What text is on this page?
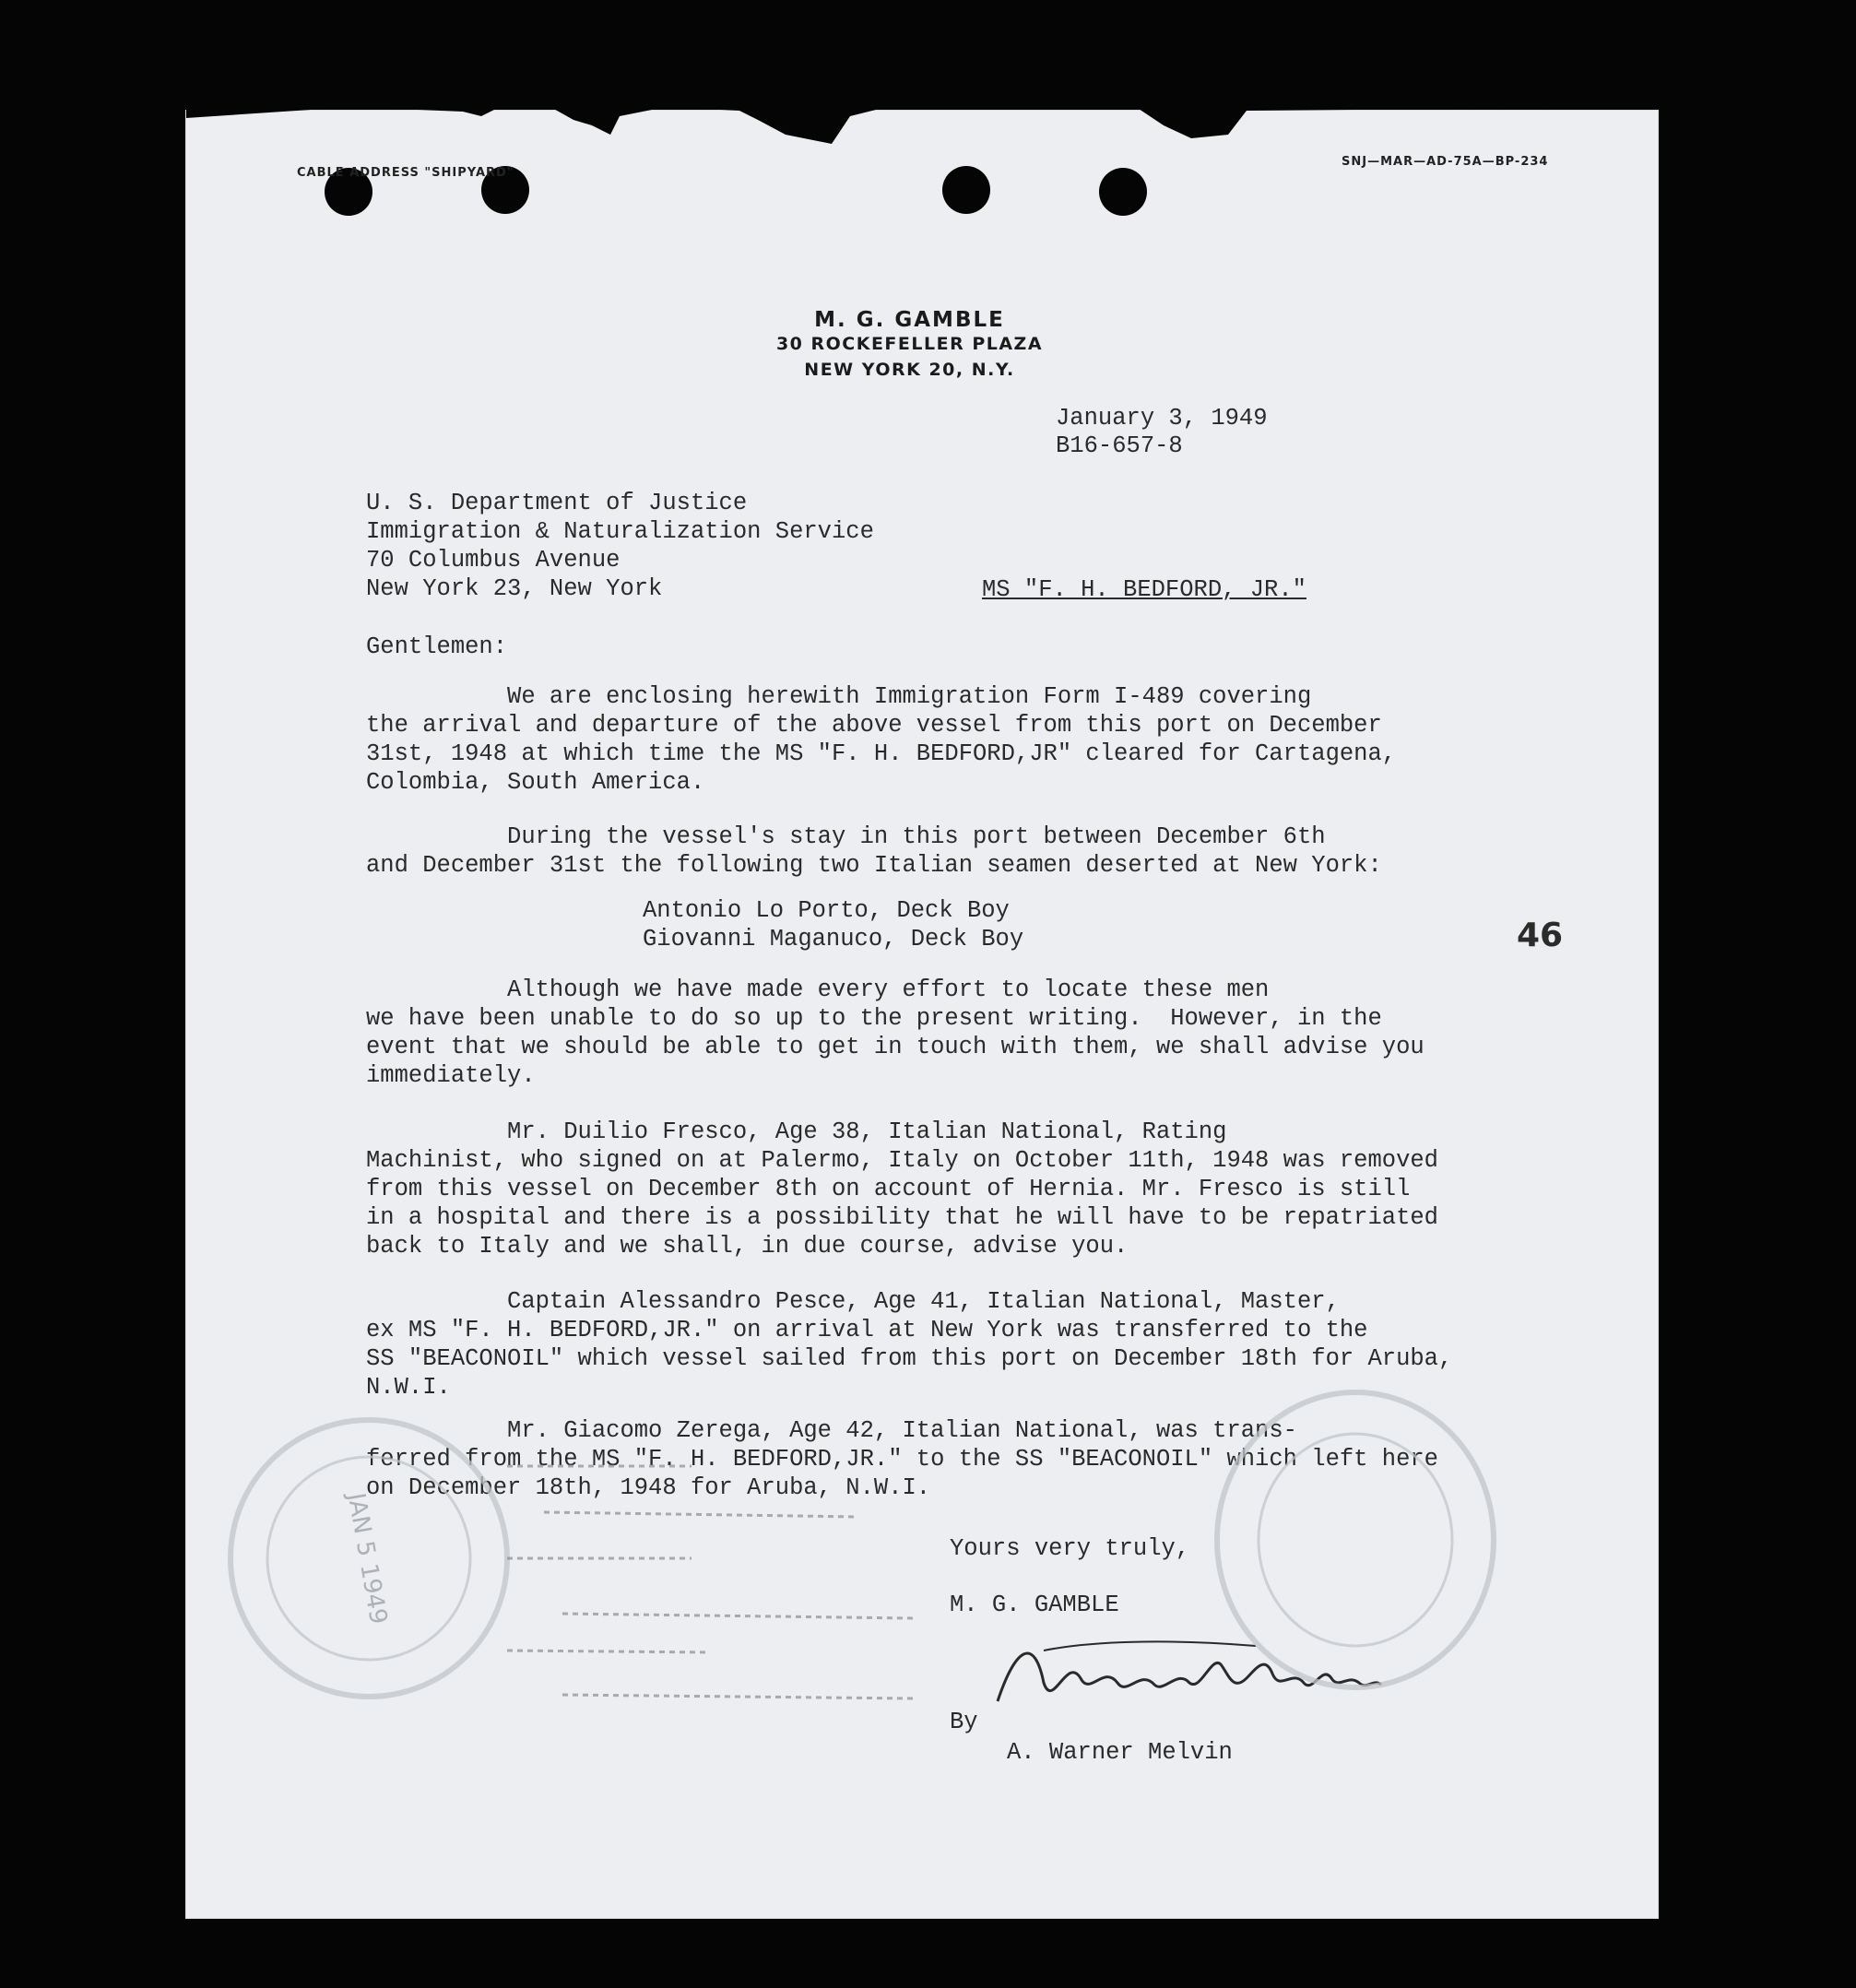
CABLE ADDRESS "SHIPYARD"
SNJ—MAR—AD-75A—BP-234
M. G. GAMBLE
30 ROCKEFELLER PLAZA
NEW YORK 20, N.Y.
January 3, 1949
B16-657-8
U. S. Department of Justice
Immigration & Naturalization Service
70 Columbus Avenue
New York 23, New York	MS "F. H. BEDFORD, JR."
Gentlemen:
We are enclosing herewith Immigration Form I-489 covering
the arrival and departure of the above vessel from this port on December
31st, 1948 at which time the MS "F. H. BEDFORD,JR" cleared for Cartagena,
Colombia, South America.
During the vessel's stay in this port between December 6th
and December 31st the following two Italian seamen deserted at New York:
Antonio Lo Porto, Deck Boy
Giovanni Maganuco, Deck Boy	46
Although we have made every effort to locate these men
we have been unable to do so up to the present writing.  However, in the
event that we should be able to get in touch with them, we shall advise you
immediately.
Mr. Duilio Fresco, Age 38, Italian National, Rating
Machinist, who signed on at Palermo, Italy on October 11th, 1948 was removed
from this vessel on December 8th on account of Hernia. Mr. Fresco is still
in a hospital and there is a possibility that he will have to be repatriated
back to Italy and we shall, in due course, advise you.
Captain Alessandro Pesce, Age 41, Italian National, Master,
ex MS "F. H. BEDFORD,JR." on arrival at New York was transferred to the
SS "BEACONOIL" which vessel sailed from this port on December 18th for Aruba,
N.W.I.
Mr. Giacomo Zerega, Age 42, Italian National, was trans-
ferred from the MS "F. H. BEDFORD,JR." to the SS "BEACONOIL" which left here
on December 18th, 1948 for Aruba, N.W.I.
Yours very truly,
M. G. GAMBLE
By
A. Warner Melvin
JAN 5 1949
